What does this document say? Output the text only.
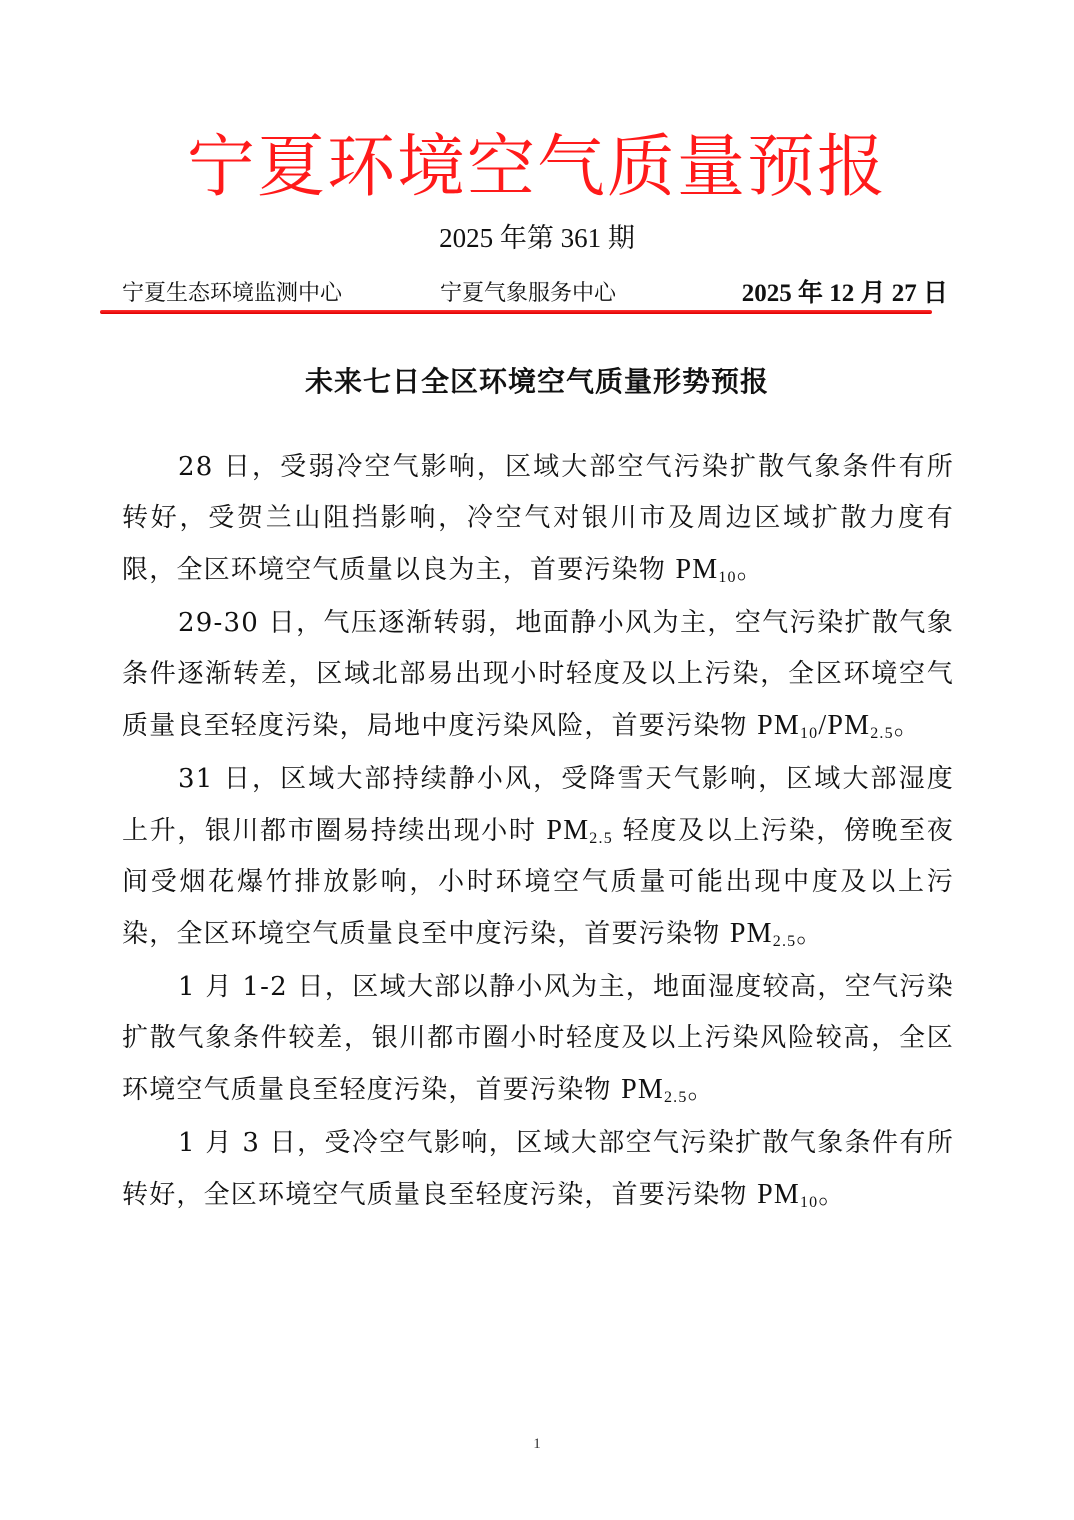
宁夏环境空气质量预报
2025 年第 361 期
宁夏生态环境监测中心	宁夏气象服务中心	2025 年 12 月 27 日
未来七日全区环境空气质量形势预报

28 日，受弱冷空气影响，区域大部空气污染扩散气象条件有所转好，受贺兰山阻挡影响，冷空气对银川市及周边区域扩散力度有限，全区环境空气质量以良为主，首要污染物 $PM_{10}$。

29-30 日，气压逐渐转弱，地面静小风为主，空气污染扩散气象条件逐渐转差，区域北部易出现小时轻度及以上污染，全区环境空气质量良至轻度污染，局地中度污染风险，首要污染物 $PM_{10}/PM_{2.5}$。

31 日，区域大部持续静小风，受降雪天气影响，区域大部湿度上升，银川都市圈易持续出现小时 $PM_{2.5}$ 轻度及以上污染，傍晚至夜间受烟花爆竹排放影响，小时环境空气质量可能出现中度及以上污染，全区环境空气质量良至中度污染，首要污染物 $PM_{2.5}$。

1 月 1-2 日，区域大部以静小风为主，地面湿度较高，空气污染扩散气象条件较差，银川都市圈小时轻度及以上污染风险较高，全区环境空气质量良至轻度污染，首要污染物 $PM_{2.5}$。

1 月 3 日，受冷空气影响，区域大部空气污染扩散气象条件有所转好，全区环境空气质量良至轻度污染，首要污染物 $PM_{10}$。

1
